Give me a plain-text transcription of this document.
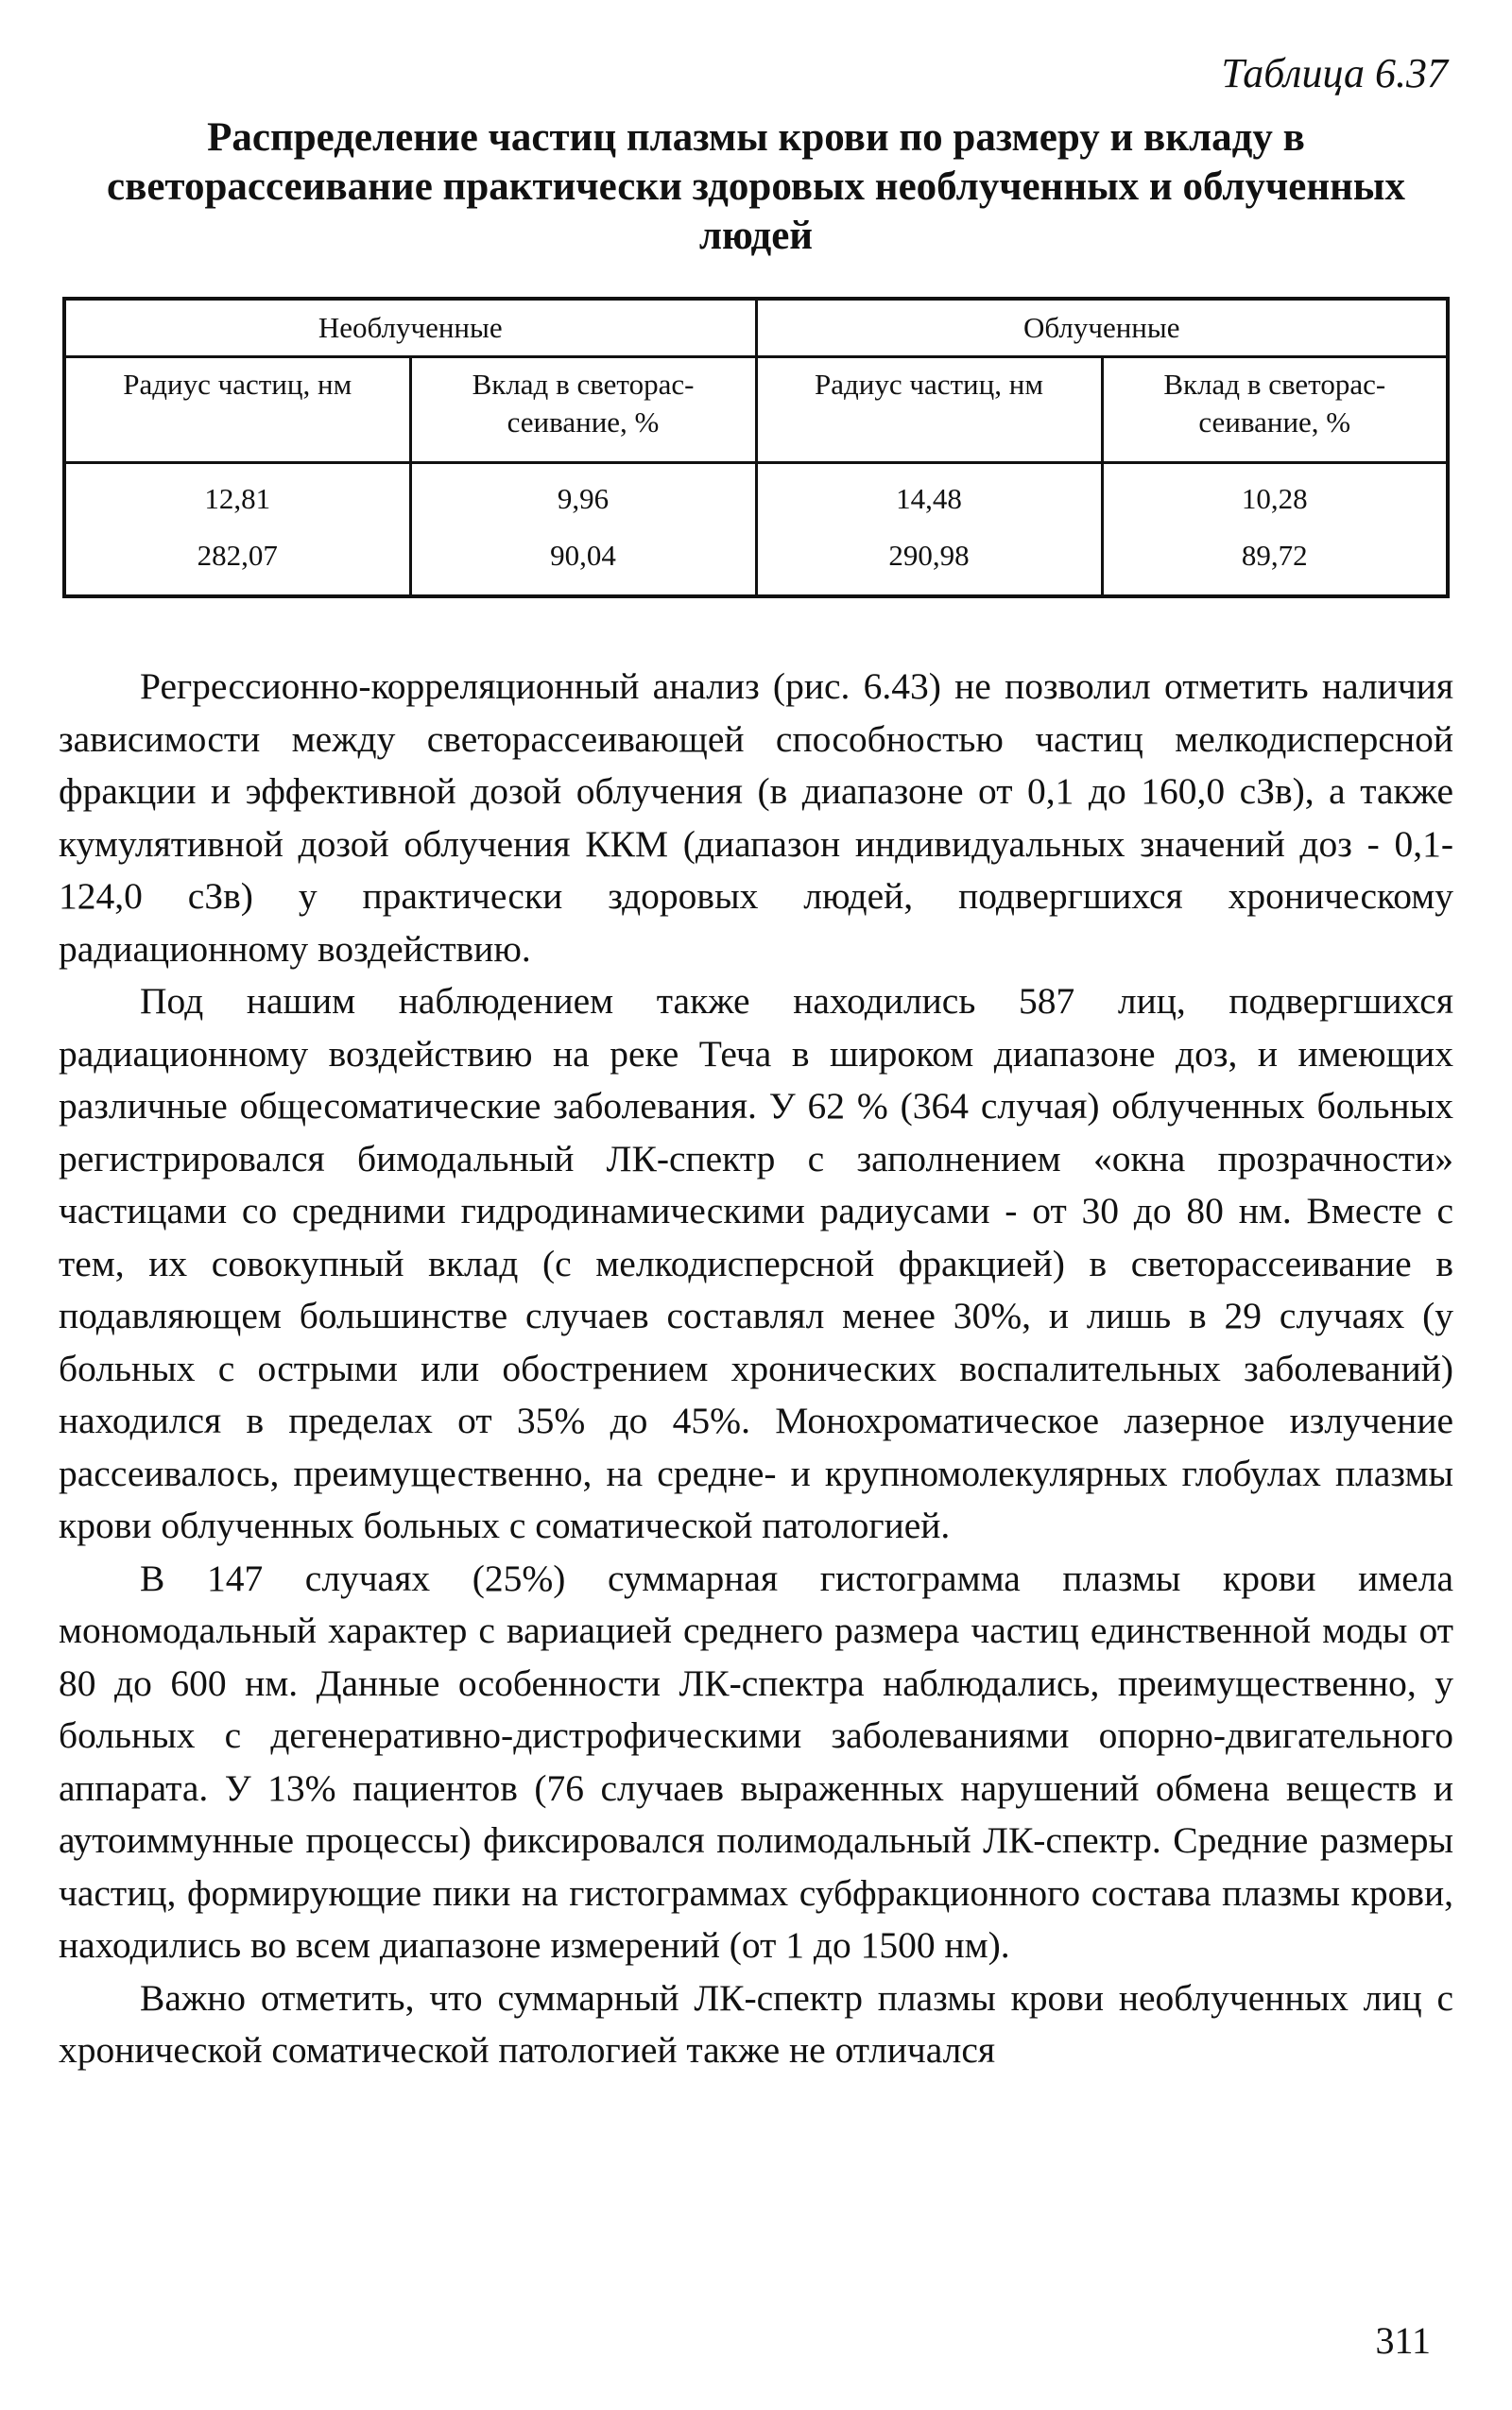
Таблица 6.37
Распределение частиц плазмы крови по размеру и вкладу в светорассеивание практически здоровых необлученных и облученных людей
Необлученные		Облученные	
Радиус частиц, нм	Вклад в светорас-сеивание, %	Радиус частиц, нм	Вклад в светорас-сеивание, %
12,81	9,96	14,48	10,28
282,07	90,04	290,98	89,72

Регрессионно-корреляционный анализ (рис. 6.43) не позволил отметить наличия зависимости между светорассеивающей способностью частиц мелкодисперсной фракции и эффективной дозой облучения (в диапазоне от 0,1 до 160,0 сЗв), а также кумулятивной дозой облучения ККМ (диапазон индивидуальных значений доз - 0,1-124,0 сЗв) у практически здоровых людей, подвергшихся хроническому радиационному воздействию.

Под нашим наблюдением также находились 587 лиц, подвергшихся радиационному воздействию на реке Теча в широком диапазоне доз, и имеющих различные общесоматические заболевания. У 62 % (364 случая) облученных больных регистрировался бимодальный ЛК-спектр с заполнением «окна прозрачности» частицами со средними гидродинамическими радиусами - от 30 до 80 нм. Вместе с тем, их совокупный вклад (с мелкодисперсной фракцией) в светорассеивание в подавляющем большинстве случаев составлял менее 30%, и лишь в 29 случаях (у больных с острыми или обострением хронических воспалительных заболеваний) находился в пределах от 35% до 45%. Монохроматическое лазерное излучение рассеивалось, преимущественно, на средне- и крупномолекулярных глобулах плазмы крови облученных больных с соматической патологией.

В 147 случаях (25%) суммарная гистограмма плазмы крови имела мономодальный характер с вариацией среднего размера частиц единственной моды от 80 до 600 нм. Данные особенности ЛК-спектра наблюдались, преимущественно, у больных с дегенеративно-дистрофическими заболеваниями опорно-двигательного аппарата. У 13% пациентов (76 случаев выраженных нарушений обмена веществ и аутоиммунные процессы) фиксировался полимодальный ЛК-спектр. Средние размеры частиц, формирующие пики на гистограммах субфракционного состава плазмы крови, находились во всем диапазоне измерений (от 1 до 1500 нм).

Важно отметить, что суммарный ЛК-спектр плазмы крови необлученных лиц с хронической соматической патологией также не отличался

311
